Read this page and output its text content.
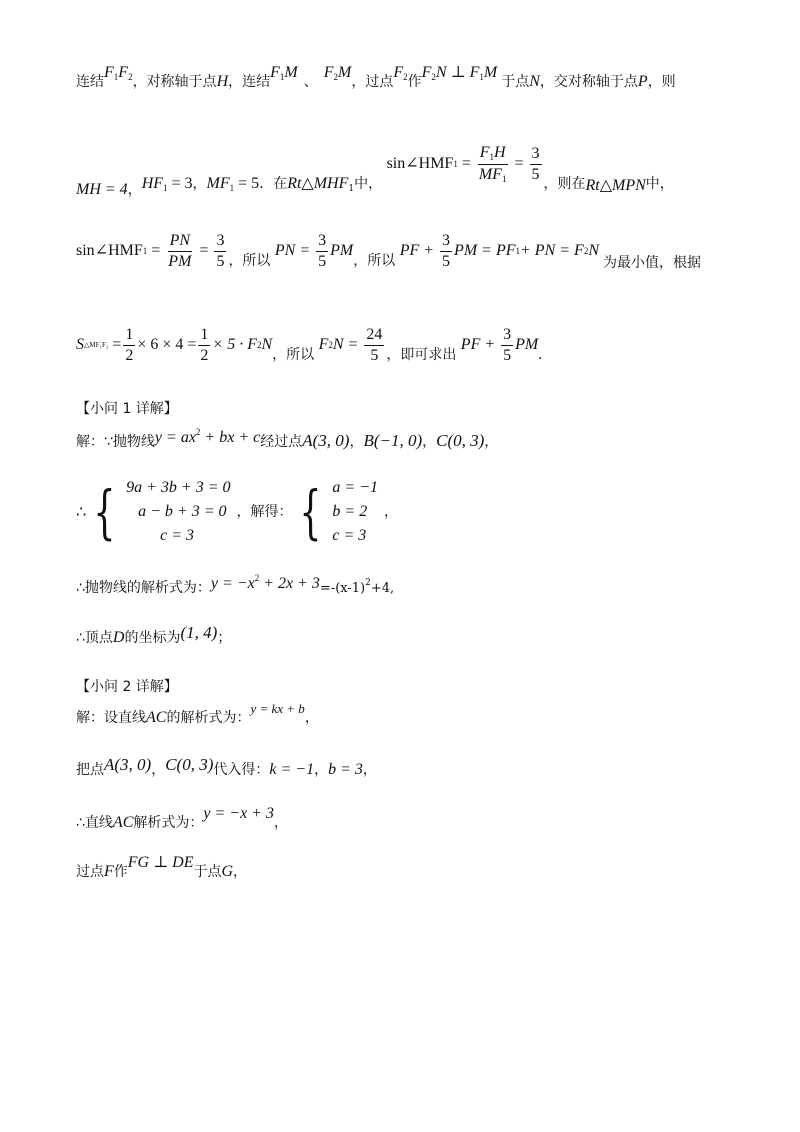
连结$F_1F_2$，对称轴于点H，连结$F_1M$、$F_2M$，过点$F_2$作$F_2N$ ⊥ $F_1M$于点N，交对称轴于点P，则
MH = 4，$HF_1 = 3$，$MF_1 = 5$．在$Rt\triangle MHF_1$中，
sin∠HMF $1 = \frac{F_1H}{MF_1} = \frac{3}{5}$
，则在Rt△MPN中，
sin∠HMF $1 = \frac{PN}{PM} = \frac{3}{5}$ ，所以
PN =
$\frac{3}{5}$ PM
，所以
PF +
$\frac{3}{5}$ PM = PF 1 + PN = F 2 N
为最小值，根据
S △MF₁F₂
= $\frac{1}{2} \times 6 \times 4 = \frac{1}{2} \times 5 \cdot F$ 2 N
，所以
F 2 N =
$\frac{24}{5}$ ，即可求出
PF +
$\frac{3}{5}$ PM
.
【小问 1 详解】
解：∵抛物线$y = ax^2$ + bx + c经过点A(3, 0)，B(−1, 0)，C(0, 3)，
∴ { 9a + 3b + 3 = 0
a − b + 3 = 0
c = 3
，解得： { a = −1
b = 2
c = 3
，
∴抛物线的解析式为：$y = -x^2 + 2x + 3=-(x-1)^2+4$,
∴顶点D的坐标为(1, 4)；
【小问 2 详解】
解：设直线AC的解析式为：y = kx + b，
把点A(3, 0)，C(0, 3)代入得：k = −1，b = 3，
∴直线AC解析式为：y = −x + 3，
过点F作FG ⊥ DE于点G，
